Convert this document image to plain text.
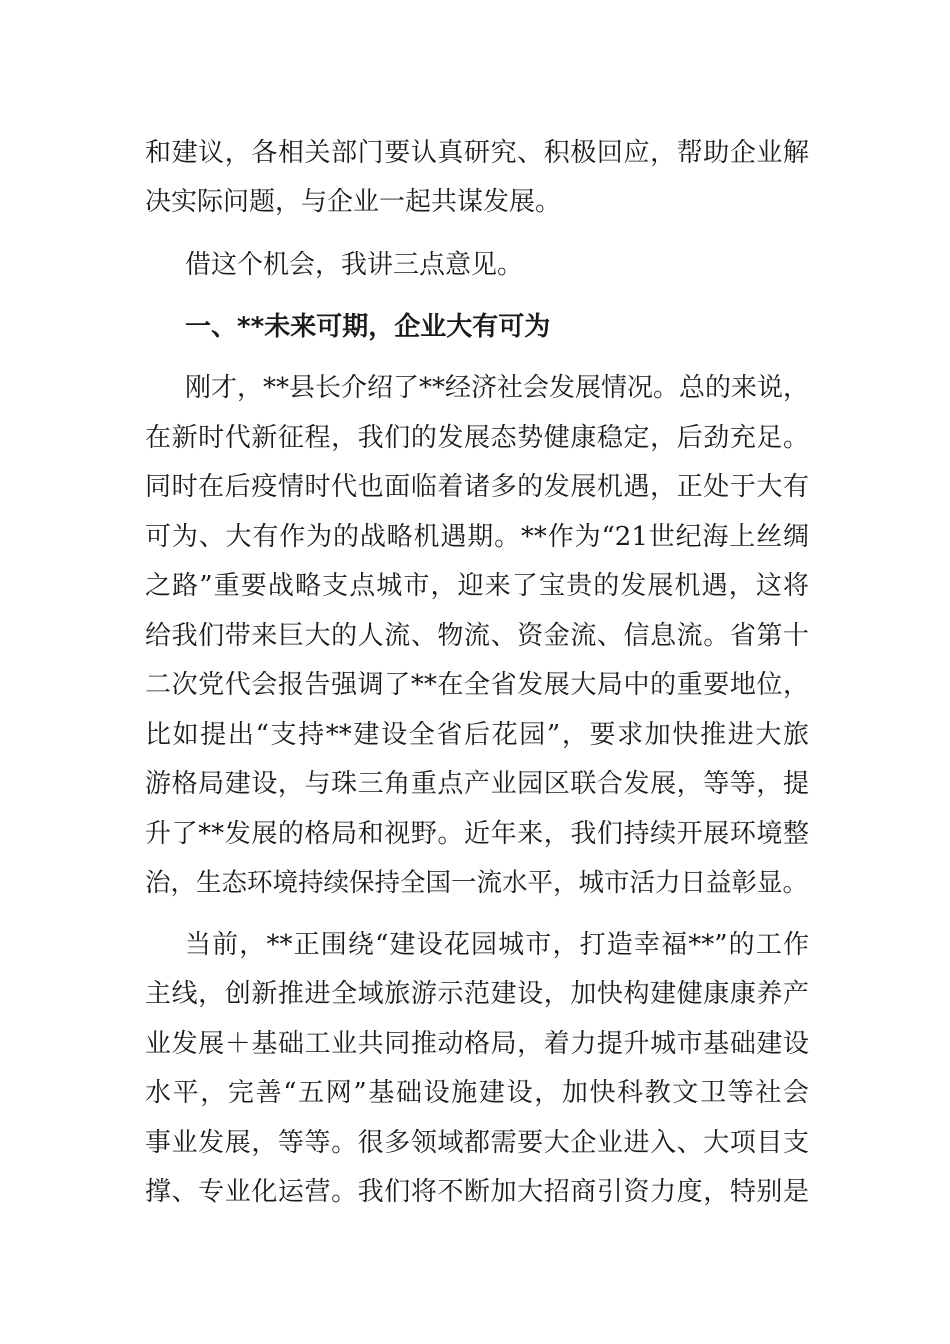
和建议，各相关部门要认真研究、积极回应，帮助企业解
决实际问题，与企业一起共谋发展。
借这个机会，我讲三点意见。
一、**未来可期，企业大有可为
刚才，**县长介绍了**经济社会发展情况。总的来说，
在新时代新征程，我们的发展态势健康稳定，后劲充足。
同时在后疫情时代也面临着诸多的发展机遇，正处于大有
可为、大有作为的战略机遇期。**作为“21世纪海上丝绸
之路”重要战略支点城市，迎来了宝贵的发展机遇，这将
给我们带来巨大的人流、物流、资金流、信息流。省第十
二次党代会报告强调了**在全省发展大局中的重要地位，
比如提出“支持**建设全省后花园”，要求加快推进大旅
游格局建设，与珠三角重点产业园区联合发展，等等，提
升了**发展的格局和视野。近年来，我们持续开展环境整
治，生态环境持续保持全国一流水平，城市活力日益彰显。
当前，**正围绕“建设花园城市，打造幸福**”的工作
主线，创新推进全域旅游示范建设，加快构建健康康养产
业发展＋基础工业共同推动格局，着力提升城市基础建设
水平，完善“五网”基础设施建设，加快科教文卫等社会
事业发展，等等。很多领域都需要大企业进入、大项目支
撑、专业化运营。我们将不断加大招商引资力度，特别是
